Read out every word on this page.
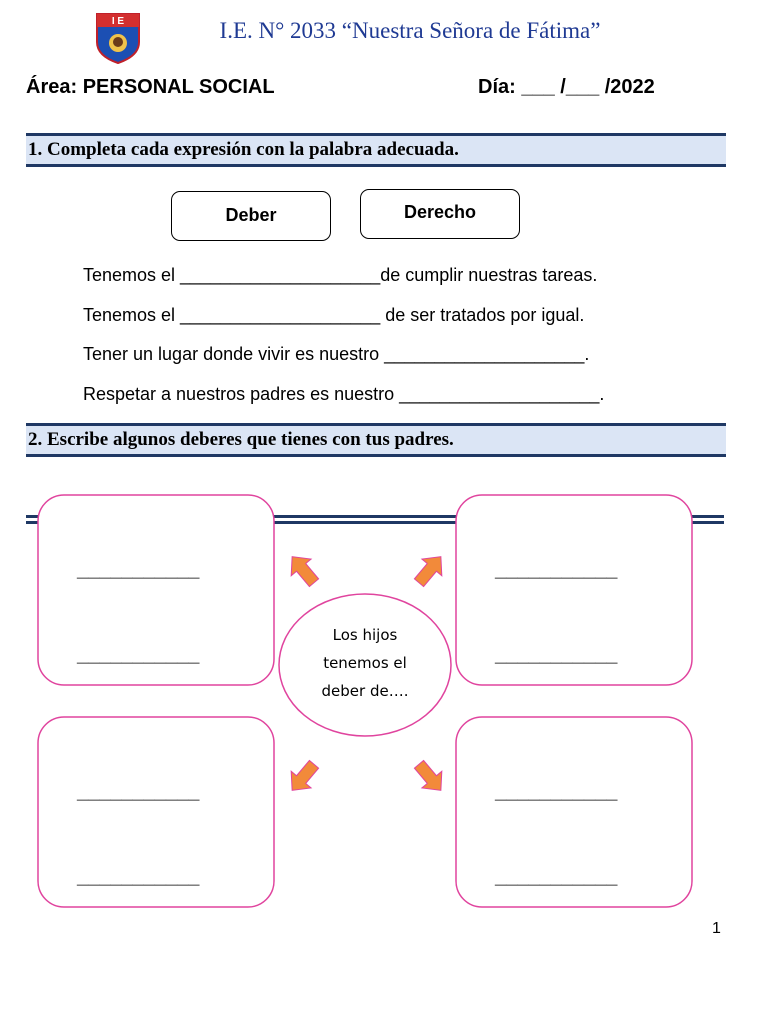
I E	I.E. N° 2033 “Nuestra Señora de Fátima”
Área: PERSONAL SOCIAL	Día: ___ /___ /2022
1. Completa cada expresión con la palabra adecuada.
Deber	Derecho
Tenemos el ____________________de cumplir nuestras tareas.
Tenemos el ____________________ de ser tratados por igual.
Tener un lugar donde vivir es nuestro ____________________.
Respetar a nuestros padres es nuestro ____________________.
2. Escribe algunos deberes que tienes con tus padres.
___________
___________
___________
___________
___________
___________
___________
___________
Los hijos
tenemos el
deber de….
1
